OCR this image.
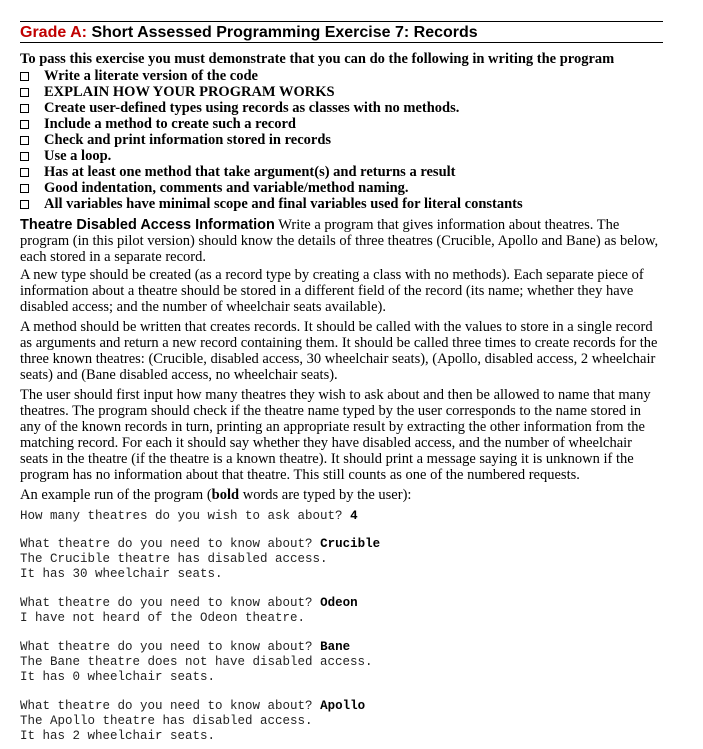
Grade A: Short Assessed Programming Exercise 7: Records
To pass this exercise you must demonstrate that you can do the following in writing the program
Write a literate version of the code
EXPLAIN HOW YOUR PROGRAM WORKS
Create user-defined types using records as classes with no methods.
Include a method to create such a record
Check and print information stored in records
Use a loop.
Has at least one method that take argument(s) and returns a result
Good indentation, comments and variable/method naming.
All variables have minimal scope and final variables used for literal constants
Theatre Disabled Access Information Write a program that gives information about theatres. The program (in this pilot version) should know the details of three theatres (Crucible, Apollo and Bane) as below, each stored in a separate record.
A new type should be created (as a record type by creating a class with no methods). Each separate piece of information about a theatre should be stored in a different field of the record (its name; whether they have disabled access; and the number of wheelchair seats available).
A method should be written that creates records. It should be called with the values to store in a single record as arguments and return a new record containing them. It should be called three times to create records for the three known theatres: (Crucible, disabled access, 30 wheelchair seats), (Apollo, disabled access, 2 wheelchair seats) and (Bane disabled access, no wheelchair seats).
The user should first input how many theatres they wish to ask about and then be allowed to name that many theatres. The program should check if the theatre name typed by the user corresponds to the name stored in any of the known records in turn, printing an appropriate result by extracting the other information from the matching record. For each it should say whether they have disabled access, and the number of wheelchair seats in the theatre (if the theatre is a known theatre). It should print a message saying it is unknown if the program has no information about that theatre. This still counts as one of the numbered requests.
An example run of the program (bold words are typed by the user):
How many theatres do you wish to ask about? 4
What theatre do you need to know about? Crucible
The Crucible theatre has disabled access.
It has 30 wheelchair seats.
What theatre do you need to know about? Odeon
I have not heard of the Odeon theatre.
What theatre do you need to know about? Bane
The Bane theatre does not have disabled access.
It has 0 wheelchair seats.
What theatre do you need to know about? Apollo
The Apollo theatre has disabled access.
It has 2 wheelchair seats.
